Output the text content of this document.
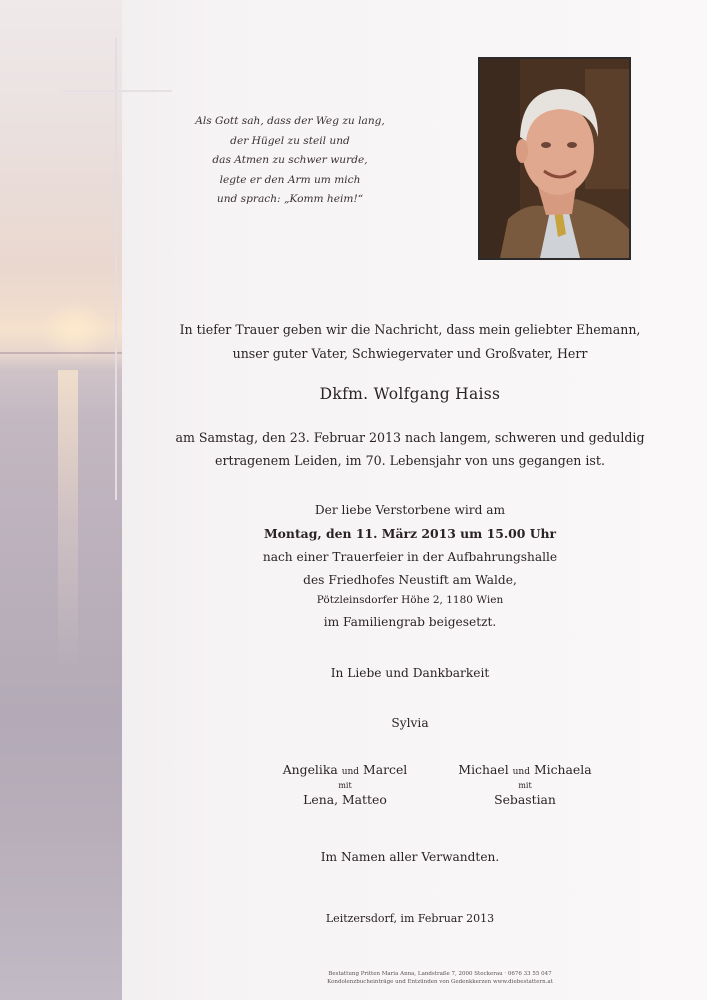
Als Gott sah, dass der Weg zu lang,
der Hügel zu steil und
das Atmen zu schwer wurde,
legte er den Arm um mich
und sprach: „Komm heim!“
In tiefer Trauer geben wir die Nachricht, dass mein geliebter Ehemann,
unser guter Vater, Schwiegervater und Großvater, Herr
Dkfm. Wolfgang Haiss
am Samstag, den 23. Februar 2013 nach langem, schweren und geduldig
ertragenem Leiden, im 70. Lebensjahr von uns gegangen ist.
Der liebe Verstorbene wird am
Montag, den 11. März 2013 um 15.00 Uhr
nach einer Trauerfeier in der Aufbahrungshalle
des Friedhofes Neustift am Walde,
Pötzleinsdorfer Höhe 2, 1180 Wien
im Familiengrab beigesetzt.
In Liebe und Dankbarkeit
Sylvia
Angelika und Marcel
mit
Lena, Matteo
Michael und Michaela
mit
Sebastian
Im Namen aller Verwandten.
Leitzersdorf, im Februar 2013
Bestattung Pritten Maria Anna, Landstraße 7, 2000 Stockerau · 0676 33 55 047
Kondolenzbucheinträge und Entzünden von Gedenkkerzen www.diebestattern.at
